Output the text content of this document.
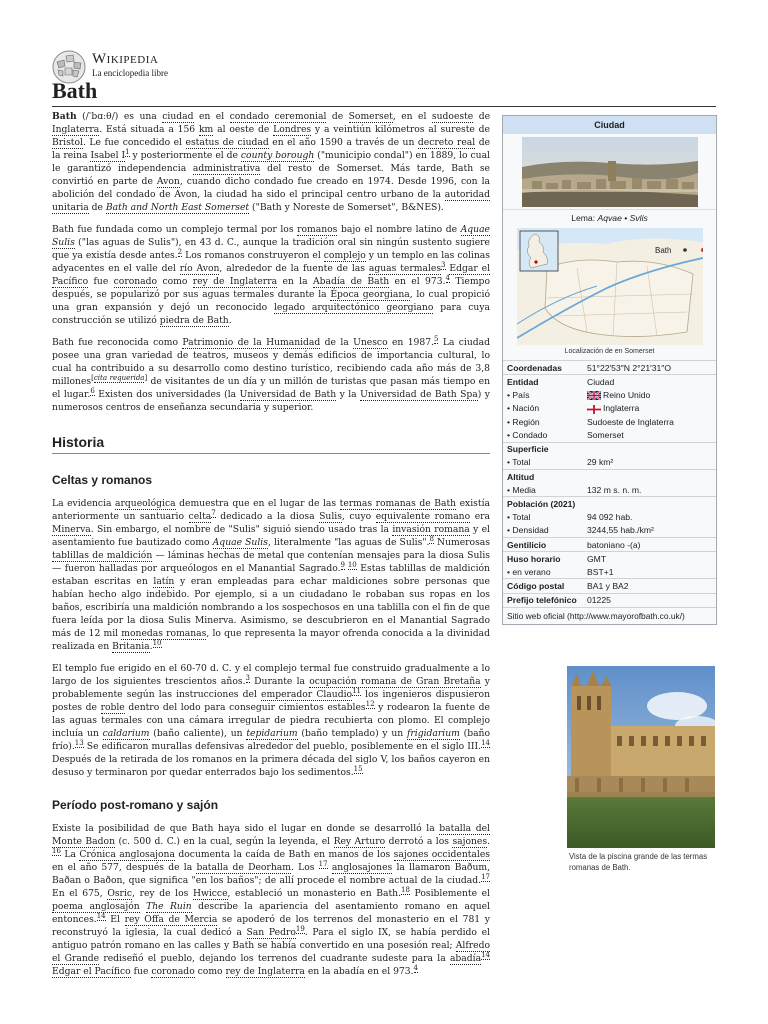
Wikipedia
La enciclopedia libre
Bath

Bath (/ˈbɑːθ/) es una ciudad en el condado ceremonial de Somerset, en el sudoeste de Inglaterra. Está situada a 156 km al oeste de Londres y a veintiún kilómetros al sureste de Bristol. Le fue concedido el estatus de ciudad en el año 1590 a través de un decreto real de la reina Isabel $I^1$ y posteriormente el de county borough ("municipio condal") en 1889, lo cual le garantizó independencia administrativa del resto de Somerset. Más tarde, Bath se convirtió en parte de Avon, cuando dicho condado fue creado en 1974. Desde 1996, con la abolición del condado de Avon, la ciudad ha sido el principal centro urbano de la autoridad unitaria de Bath and North East Somerset ("Bath y Noreste de Somerset", B&NES).

Bath fue fundada como un complejo termal por los romanos bajo el nombre latino de Aquae Sulis ("las aguas de Sulis"), en 43 d. C., aunque la tradición oral sin ningún sustento sugiere que ya existía desde antes.$^2$ Los romanos construyeron el complejo y un templo en las colinas adyacentes en el valle del río Avon, alrededor de la fuente de las aguas termales$^3$ Edgar el Pacífico fue coronado como rey de Inglaterra en la Abadía de Bath en el 973.$^4$ Tiempo después, se popularizó por sus aguas termales durante la Época georgiana, lo cual propició una gran expansión y dejó un reconocido legado arquitectónico georgiano para cuya construcción se utilizó piedra de Bath.

Bath fue reconocida como Patrimonio de la Humanidad de la Unesco en 1987.$^5$ La ciudad posee una gran variedad de teatros, museos y demás edificios de importancia cultural, lo cual ha contribuido a su desarrollo como destino turístico, recibiendo cada año más de 3,8 millones[cita requerida] de visitantes de un día y un millón de turistas que pasan más tiempo en el lugar.$^6$ Existen dos universidades (la Universidad de Bath y la Universidad de Bath Spa) y numerosos centros de enseñanza secundaria y superior.

Historia
Celtas y romanos

La evidencia arqueológica demuestra que en el lugar de las termas romanas de Bath existía anteriormente un santuario celta$^7$ dedicado a la diosa Sulis, cuyo equivalente romano era Minerva. Sin embargo, el nombre de "Sulis" siguió siendo usado tras la invasión romana y el asentamiento fue bautizado como Aquae Sulis, literalmente "las aguas de Sulis".$^8$ Numerosas tablillas de maldición — láminas hechas de metal que contenían mensajes para la diosa Sulis— fueron halladas por arqueólogos en el Manantial Sagrado.$^{9 10}$ Estas tablillas de maldición estaban escritas en latín y eran empleadas para echar maldiciones sobre personas que habían hecho algo indebido. Por ejemplo, si a un ciudadano le robaban sus ropas en los baños, escribiría una maldición nombrando a los sospechosos en una tablilla con el fin de que fuera leída por la diosa Sulis Minerva. Asimismo, se descubrieron en el Manantial Sagrado más de 12 mil monedas romanas, lo que representa la mayor ofrenda conocida a la divinidad realizada en Britania.$^{10}$

El templo fue erigido en el 60-70 d. C. y el complejo termal fue construido gradualmente a lo largo de los siguientes trescientos años.$^3$ Durante la ocupación romana de Gran Bretaña y probablemente según las instrucciones del emperador Claudio$^{11}$ los ingenieros dispusieron postes de roble dentro del lodo para conseguir cimientos estables$^{12}$ y rodearon la fuente de las aguas termales con una cámara irregular de piedra recubierta con plomo. El complejo incluía un caldarium (baño caliente), un tepidarium (baño templado) y un frigidarium (baño frío).$^{13}$ Se edificaron murallas defensivas alrededor del pueblo, posiblemente en el siglo III.$^{14}$ Después de la retirada de los romanos en la primera década del siglo V, los baños cayeron en desuso y terminaron por quedar enterrados bajo los sedimentos.$^{15}$

Período post-romano y sajón

Existe la posibilidad de que Bath haya sido el lugar en donde se desarrolló la batalla del Monte Badon (c. 500 d. C.) en la cual, según la leyenda, el Rey Arturo derrotó a los sajones. $^{16}$ La Crónica anglosajona documenta la caída de Bath en manos de los sajones occidentales en el año 577, después de la batalla de Deorham. Los $^{17}$ anglosajones la llamaron Baðum, Baðan o Baðon, que significa "en los baños"; de allí procede el nombre actual de la ciudad.$^{17}$ En el 675, Osric, rey de los Hwicce, estableció un monasterio en Bath.$^{18}$ Posiblemente el poema anglosajón The Ruin describe la apariencia del asentamiento romano en aquel entonces.$^{14}$ El rey Offa de Mercia se apoderó de los terrenos del monasterio en el 781 y reconstruyó la iglesia, la cual dedicó a San Pedro$^{19}$. Para el siglo IX, se había perdido el antiguo patrón romano en las calles y Bath se había convertido en una posesión real; Alfredo el Grande rediseñó el pueblo, dejando los terrenos del cuadrante sudeste para la abadía$^{14}$ Edgar el Pacífico fue coronado como rey de Inglaterra en la abadía en el 973.$^4$

Ciudad
Lema: Aqvae • Svlis
Bath
Localización de en Somerset
Coordenadas	51°22′53″N 2°21′31″O
Entidad	Ciudad
• País	Reino Unido
• Nación	Inglaterra
• Región	Sudoeste de Inglaterra
• Condado	Somerset
Superficie	
• Total	29 km²
Altitud	
• Media	132 m s. n. m.
Población (2021)	
• Total	94 092 hab.
• Densidad	3244,55 hab./km²
Gentilicio	batoniano -(a)
Huso horario	GMT
• en verano	BST+1
Código postal	BA1 y BA2
Prefijo telefónico	01225
Sitio web oficial (http://www.mayorofbath.co.uk/)
Vista de la piscina grande de las termas romanas de Bath.
